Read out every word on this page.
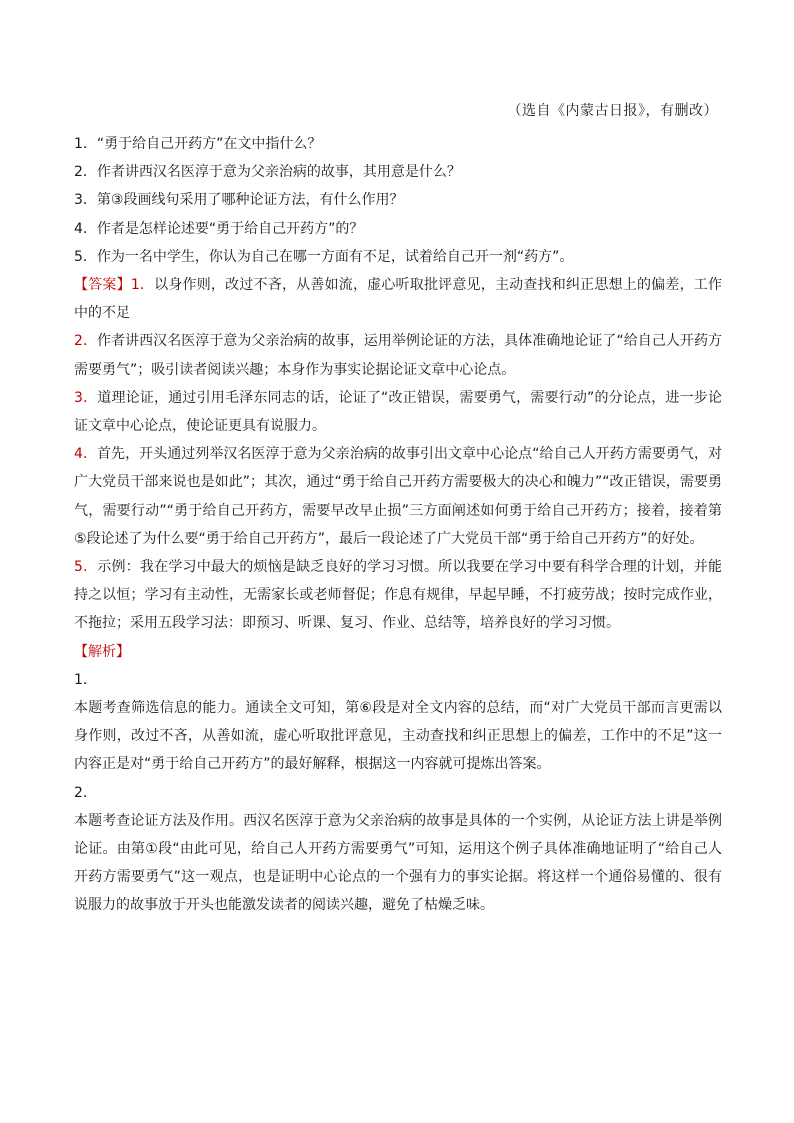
（选自《内蒙古日报》，有删改）

1．“勇于给自己开药方”在文中指什么？

2．作者讲西汉名医淳于意为父亲治病的故事，其用意是什么？

3．第③段画线句采用了哪种论证方法，有什么作用？

4．作者是怎样论述要“勇于给自己开药方”的？

5．作为一名中学生，你认为自己在哪一方面有不足，试着给自己开一剂“药方”。

【答案】1．以身作则，改过不吝，从善如流，虚心听取批评意见，主动查找和纠正思想上的偏差，工作中的不足

2．作者讲西汉名医淳于意为父亲治病的故事，运用举例论证的方法，具体准确地论证了“给自己人开药方需要勇气”；吸引读者阅读兴趣；本身作为事实论据论证文章中心论点。

3．道理论证，通过引用毛泽东同志的话，论证了“改正错误，需要勇气，需要行动”的分论点，进一步论证文章中心论点，使论证更具有说服力。

4．首先，开头通过列举汉名医淳于意为父亲治病的故事引出文章中心论点“给自己人开药方需要勇气，对广大党员干部来说也是如此”；其次，通过“勇于给自己开药方需要极大的决心和魄力”“改正错误，需要勇气，需要行动”“勇于给自己开药方，需要早改早止损”三方面阐述如何勇于给自己开药方；接着，接着第⑤段论述了为什么要“勇于给自己开药方”，最后一段论述了广大党员干部“勇于给自己开药方”的好处。

5．示例：我在学习中最大的烦恼是缺乏良好的学习习惯。所以我要在学习中要有科学合理的计划，并能持之以恒；学习有主动性，无需家长或老师督促；作息有规律，早起早睡，不打疲劳战；按时完成作业，不拖拉；采用五段学习法：即预习、听课、复习、作业、总结等，培养良好的学习习惯。

【解析】

1．

本题考查筛选信息的能力。通读全文可知，第⑥段是对全文内容的总结，而“对广大党员干部而言更需以身作则，改过不吝，从善如流，虚心听取批评意见，主动查找和纠正思想上的偏差，工作中的不足”这一内容正是对“勇于给自己开药方”的最好解释，根据这一内容就可提炼出答案。

2．

本题考查论证方法及作用。西汉名医淳于意为父亲治病的故事是具体的一个实例，从论证方法上讲是举例论证。由第①段“由此可见，给自己人开药方需要勇气”可知，运用这个例子具体准确地证明了“给自己人开药方需要勇气”这一观点，也是证明中心论点的一个强有力的事实论据。将这样一个通俗易懂的、很有说服力的故事放于开头也能激发读者的阅读兴趣，避免了枯燥乏味。
